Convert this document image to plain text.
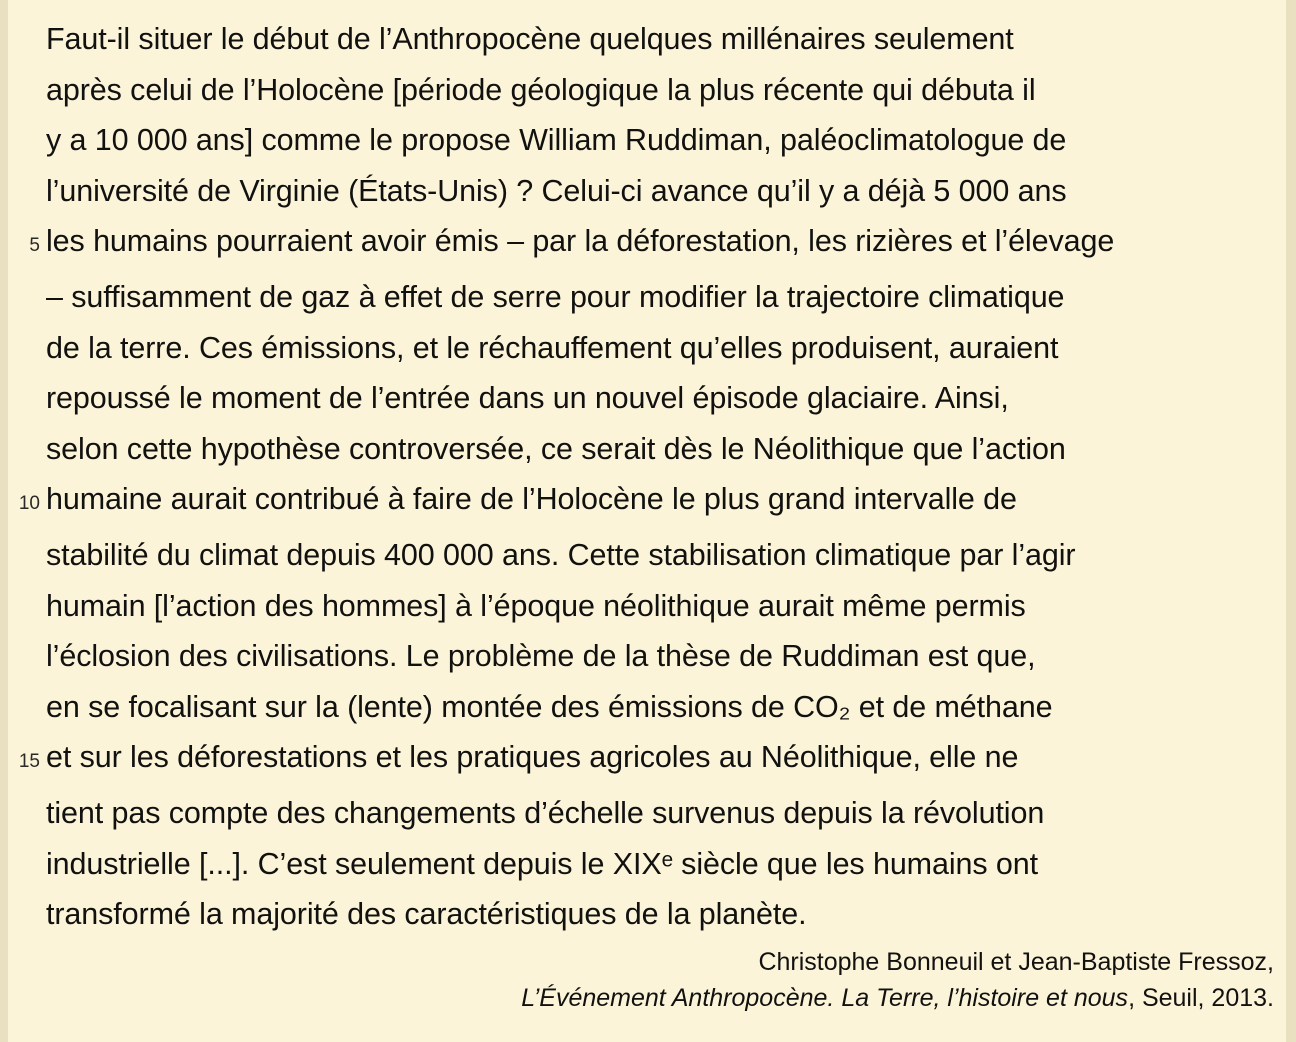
Faut-il situer le début de l’Anthropocène quelques millénaires seulement
après celui de l’Holocène [période géologique la plus récente qui débuta il
y a 10 000 ans] comme le propose William Ruddiman, paléoclimatologue de
l’université de Virginie (États-Unis) ? Celui-ci avance qu’il y a déjà 5 000 ans
5 les humains pourraient avoir émis – par la déforestation, les rizières et l’élevage
– suffisamment de gaz à effet de serre pour modifier la trajectoire climatique
de la terre. Ces émissions, et le réchauffement qu’elles produisent, auraient
repoussé le moment de l’entrée dans un nouvel épisode glaciaire. Ainsi,
selon cette hypothèse controversée, ce serait dès le Néolithique que l’action
10 humaine aurait contribué à faire de l’Holocène le plus grand intervalle de
stabilité du climat depuis 400 000 ans. Cette stabilisation climatique par l’agir
humain [l’action des hommes] à l’époque néolithique aurait même permis
l’éclosion des civilisations. Le problème de la thèse de Ruddiman est que,
en se focalisant sur la (lente) montée des émissions de CO₂ et de méthane
15 et sur les déforestations et les pratiques agricoles au Néolithique, elle ne
tient pas compte des changements d’échelle survenus depuis la révolution
industrielle [...]. C’est seulement depuis le XIXᵉ siècle que les humains ont
transformé la majorité des caractéristiques de la planète.
Christophe Bonneuil et Jean-Baptiste Fressoz,
L’Événement Anthropocène. La Terre, l’histoire et nous, Seuil, 2013.
